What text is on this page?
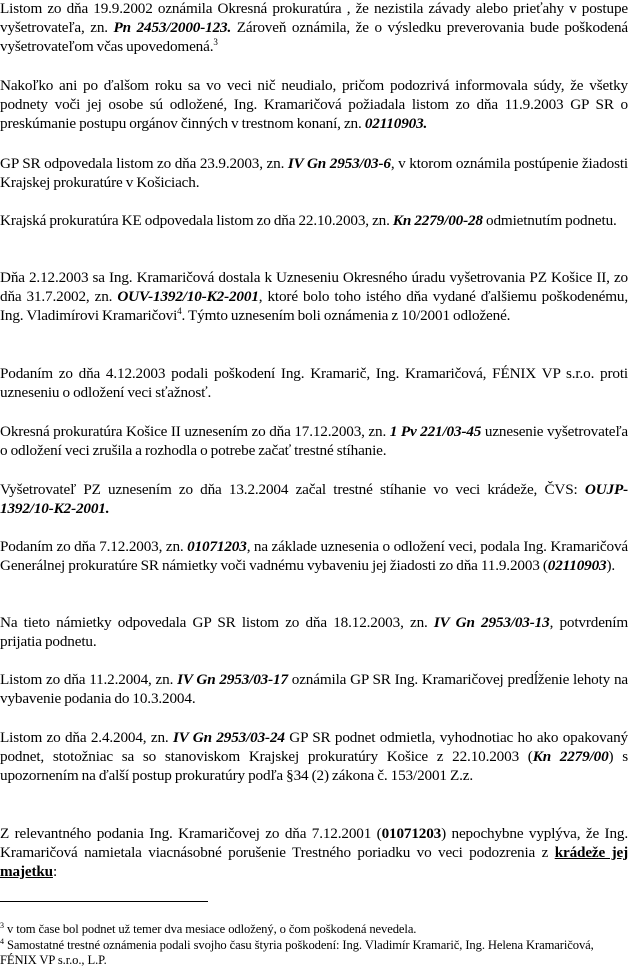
Listom zo dňa 19.9.2002 oznámila Okresná prokuratúra , že nezistila závady alebo prieťahy v postupe vyšetrovateľa, zn. Pn 2453/2000-123. Zároveň oznámila, že o výsledku preverovania bude poškodená vyšetrovateľom včas upovedomená.$^3$

Nakoľko ani po ďalšom roku sa vo veci nič neudialo, pričom podozrivá informovala súdy, že všetky podnety voči jej osobe sú odložené, Ing. Kramaričová požiadala listom zo dňa 11.9.2003 GP SR o preskúmanie postupu orgánov činných v trestnom konaní, zn. 02110903.

GP SR odpovedala listom zo dňa 23.9.2003, zn. IV Gn 2953/03-6, v ktorom oznámila postúpenie žiadosti Krajskej prokuratúre v Košiciach.

Krajská prokuratúra KE odpovedala listom zo dňa 22.10.2003, zn. Kn 2279/00-28 odmietnutím podnetu.

Dňa 2.12.2003 sa Ing. Kramaričová dostala k Uzneseniu Okresného úradu vyšetrovania PZ Košice II, zo dňa 31.7.2002, zn. OUV-1392/10-K2-2001, ktoré bolo toho istého dňa vydané ďalšiemu poškodenému, Ing. Vladimírovi Kramaričovi$^4$. Týmto uznesením boli oznámenia z 10/2001 odložené.

Podaním zo dňa 4.12.2003 podali poškodení Ing. Kramarič, Ing. Kramaričová, FÉNIX VP s.r.o. proti uzneseniu o odložení veci sťažnosť.

Okresná prokuratúra Košice II uznesením zo dňa 17.12.2003, zn. 1 Pv 221/03-45 uznesenie vyšetrovateľa o odložení veci zrušila a rozhodla o potrebe začať trestné stíhanie.

Vyšetrovateľ PZ uznesením zo dňa 13.2.2004 začal trestné stíhanie vo veci krádeže, ČVS: OUJP-1392/10-K2-2001.

Podaním zo dňa 7.12.2003, zn. 01071203, na základe uznesenia o odložení veci, podala Ing. Kramaričová Generálnej prokuratúre SR námietky voči vadnému vybaveniu jej žiadosti zo dňa 11.9.2003 (02110903).

Na tieto námietky odpovedala GP SR listom zo dňa 18.12.2003, zn. IV Gn 2953/03-13, potvrdením prijatia podnetu.

Listom zo dňa 11.2.2004, zn. IV Gn 2953/03-17 oznámila GP SR Ing. Kramaričovej predĺženie lehoty na vybavenie podania do 10.3.2004.

Listom zo dňa 2.4.2004, zn. IV Gn 2953/03-24 GP SR podnet odmietla, vyhodnotiac ho ako opakovaný podnet, stotožniac sa so stanoviskom Krajskej prokuratúry Košice z 22.10.2003 (Kn 2279/00) s upozornením na ďalší postup prokuratúry podľa §34 (2) zákona č. 153/2001 Z.z.

Z relevantného podania Ing. Kramaričovej zo dňa 7.12.2001 (01071203) nepochybne vyplýva, že Ing. Kramaričová namietala viacnásobné porušenie Trestného poriadku vo veci podozrenia z krádeže jej majetku:

$^3$ v tom čase bol podnet už temer dva mesiace odložený, o čom poškodená nevedela.

$^4$ Samostatné trestné oznámenia podali svojho času štyria poškodení: Ing. Vladimír Kramarič, Ing. Helena Kramaričová, FÉNIX VP s.r.o., L.P.
